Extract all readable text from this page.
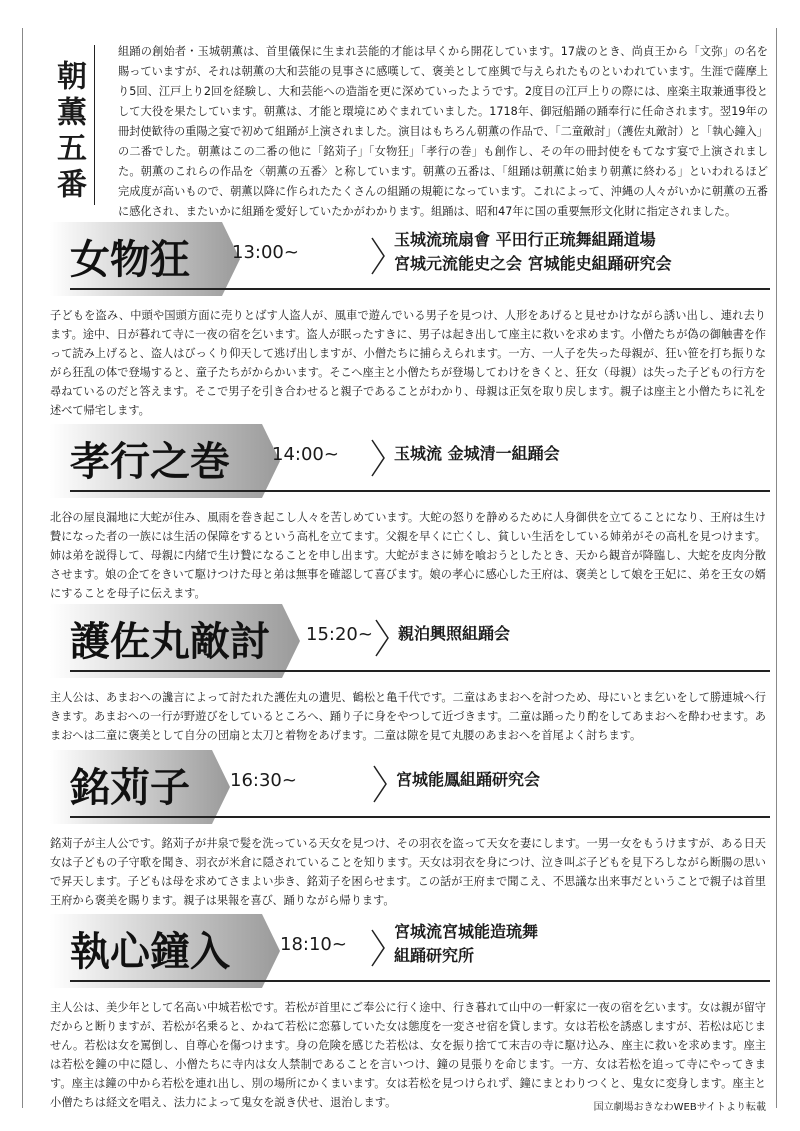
朝薫五番
組踊の創始者・玉城朝薫は、首里儀保に生まれ芸能的才能は早くから開花しています。17歳のとき、尚貞王から「文弥」の名を賜っていますが、それは朝薫の大和芸能の見事さに感嘆して、褒美として座興で与えられたものといわれています。生涯で薩摩上り5回、江戸上り2回を経験し、大和芸能への造詣を更に深めていったようです。2度目の江戸上りの際には、座楽主取兼通事役として大役を果たしています。朝薫は、才能と環境にめぐまれていました。1718年、御冠船踊の踊奉行に任命されます。翌19年の冊封使歓待の重陽之宴で初めて組踊が上演されました。演目はもちろん朝薫の作品で、「二童敵討」（護佐丸敵討）と「執心鐘入」の二番でした。朝薫はこの二番の他に「銘苅子」「女物狂」「孝行の巻」も創作し、その年の冊封使をもてなす宴で上演されました。朝薫のこれらの作品を〈朝薫の五番〉と称しています。朝薫の五番は、「組踊は朝薫に始まり朝薫に終わる」といわれるほど完成度が高いもので、朝薫以降に作られたたくさんの組踊の規範になっています。これによって、沖縄の人々がいかに朝薫の五番に感化され、またいかに組踊を愛好していたかがわかります。組踊は、昭和47年に国の重要無形文化財に指定されました。
女物狂 13:00~
玉城流琉扇會 平田行正琉舞組踊道場
宮城元流能史之会 宮城能史組踊研究会
子どもを盗み、中頭や国頭方面に売りとばす人盗人が、風車で遊んでいる男子を見つけ、人形をあげると見せかけながら誘い出し、連れ去ります。途中、日が暮れて寺に一夜の宿を乞います。盗人が眠ったすきに、男子は起き出して座主に救いを求めます。小僧たちが偽の御触書を作って読み上げると、盗人はびっくり仰天して逃げ出しますが、小僧たちに捕らえられます。一方、一人子を失った母親が、狂い笹を打ち振りながら狂乱の体で登場すると、童子たちがからかいます。そこへ座主と小僧たちが登場してわけをきくと、狂女（母親）は失った子どもの行方を尋ねているのだと答えます。そこで男子を引き合わせると親子であることがわかり、母親は正気を取り戻します。親子は座主と小僧たちに礼を述べて帰宅します。
孝行之巻 14:00~	玉城流 金城清一組踊会
北谷の屋良漏地に大蛇が住み、風雨を巻き起こし人々を苦しめています。大蛇の怒りを静めるために人身御供を立てることになり、王府は生け贄になった者の一族には生活の保障をするという高札を立てます。父親を早くに亡くし、貧しい生活をしている姉弟がその高札を見つけます。姉は弟を説得して、母親に内緒で生け贄になることを申し出ます。大蛇がまさに姉を喰おうとしたとき、天から観音が降臨し、大蛇を皮肉分散させます。娘の企てをきいて駆けつけた母と弟は無事を確認して喜びます。娘の孝心に感心した王府は、褒美として娘を王妃に、弟を王女の婿にすることを母子に伝えます。
護佐丸敵討 15:20~ 親泊興照組踊会
主人公は、あまおへの讒言によって討たれた護佐丸の遺児、鶴松と亀千代です。二童はあまおへを討つため、母にいとま乞いをして勝連城へ行きます。あまおへの一行が野遊びをしているところへ、踊り子に身をやつして近づきます。二童は踊ったり酌をしてあまおへを酔わせます。あまおへは二童に褒美として自分の団扇と太刀と着物をあげます。二童は隙を見て丸腰のあまおへを首尾よく討ちます。
銘苅子 16:30~	宮城能鳳組踊研究会
銘苅子が主人公です。銘苅子が井泉で髪を洗っている天女を見つけ、その羽衣を盗って天女を妻にします。一男一女をもうけますが、ある日天女は子どもの子守歌を聞き、羽衣が米倉に隠されていることを知ります。天女は羽衣を身につけ、泣き叫ぶ子どもを見下ろしながら断腸の思いで昇天します。子どもは母を求めてさまよい歩き、銘苅子を困らせます。この話が王府まで聞こえ、不思議な出来事だということで親子は首里王府から褒美を賜ります。親子は果報を喜び、踊りながら帰ります。
執心鐘入	18:10~
宮城流宮城能造琉舞
組踊研究所
主人公は、美少年として名高い中城若松です。若松が首里にご奉公に行く途中、行き暮れて山中の一軒家に一夜の宿を乞います。女は親が留守だからと断りますが、若松が名乗ると、かねて若松に恋慕していた女は態度を一変させ宿を貸します。女は若松を誘惑しますが、若松は応じません。若松は女を罵倒し、自尊心を傷つけます。身の危険を感じた若松は、女を振り捨てて末吉の寺に駆け込み、座主に救いを求めます。座主は若松を鐘の中に隠し、小僧たちに寺内は女人禁制であることを言いつけ、鐘の見張りを命じます。一方、女は若松を追って寺にやってきます。座主は鐘の中から若松を連れ出し、別の場所にかくまいます。女は若松を見つけられず、鐘にまとわりつくと、鬼女に変身します。座主と小僧たちは経文を唱え、法力によって鬼女を説き伏せ、退治します。	国立劇場おきなわWEBサイトより転載
